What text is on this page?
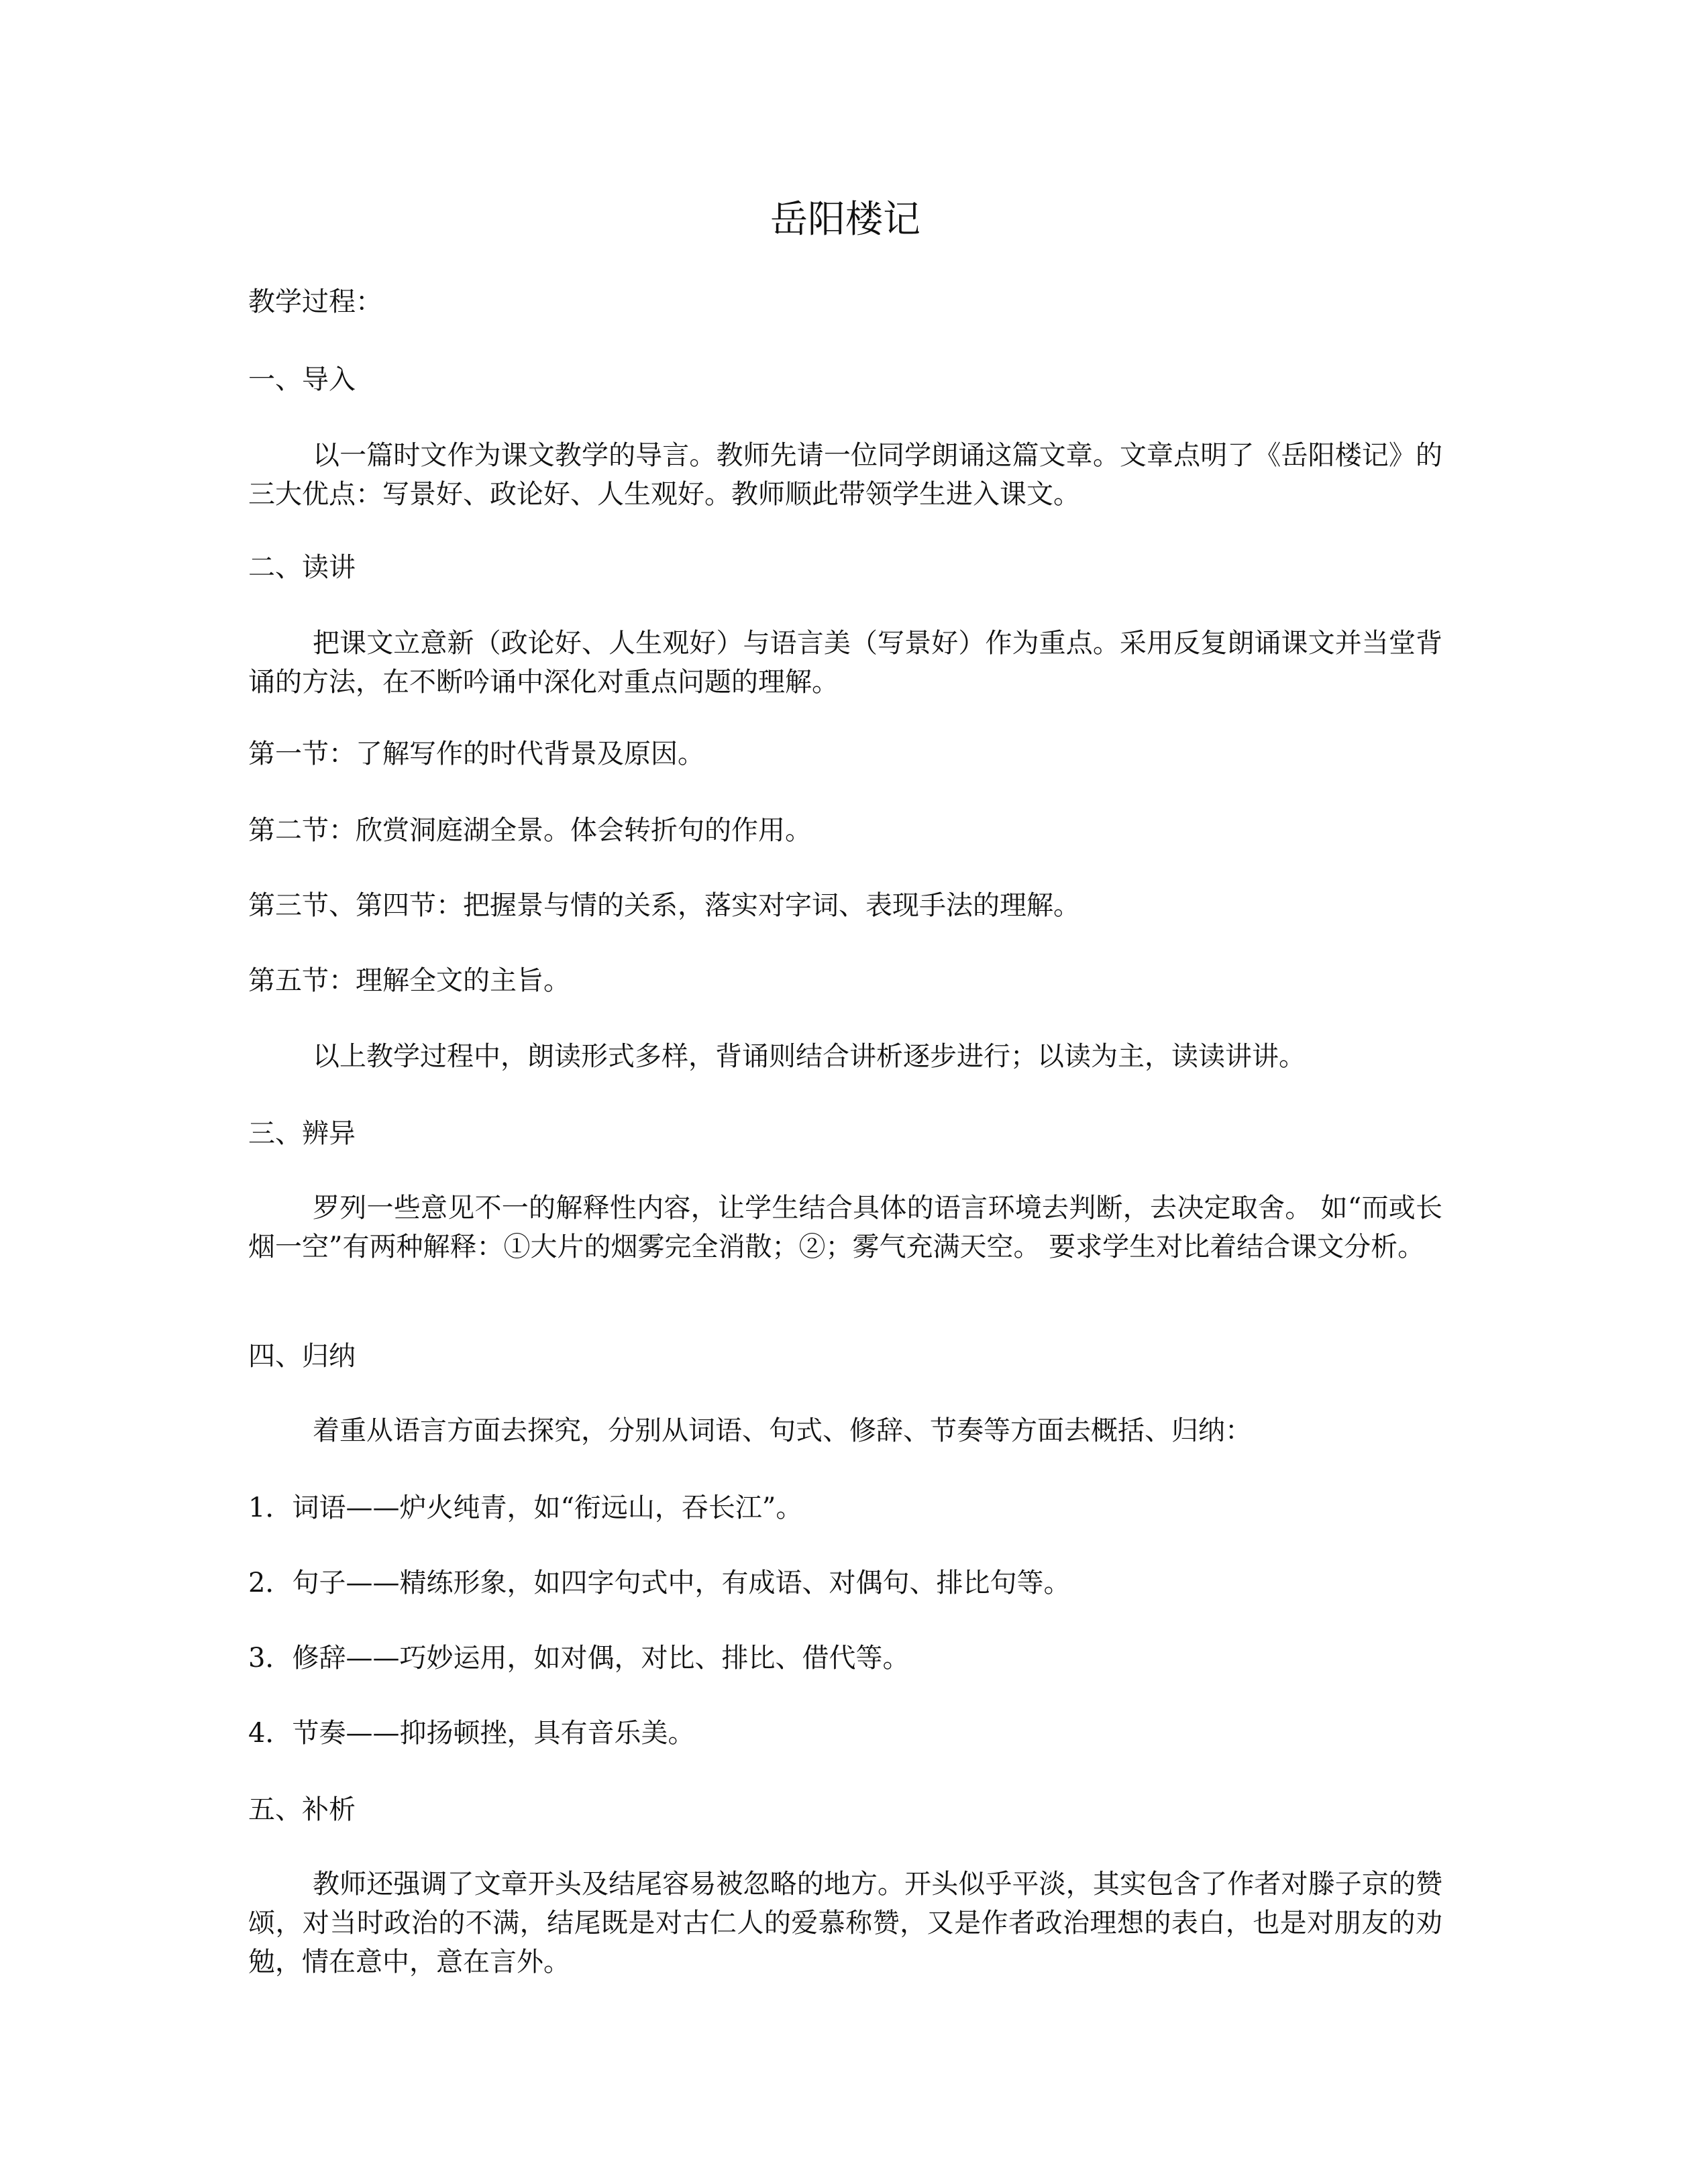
岳阳楼记

教学过程：

一、导入

以一篇时文作为课文教学的导言。教师先请一位同学朗诵这篇文章。文章点明了《岳阳楼记》的三大优点：写景好、政论好、人生观好。教师顺此带领学生进入课文。

二、读讲

把课文立意新（政论好、人生观好）与语言美（写景好）作为重点。采用反复朗诵课文并当堂背诵的方法，在不断吟诵中深化对重点问题的理解。

第一节：了解写作的时代背景及原因。

第二节：欣赏洞庭湖全景。体会转折句的作用。

第三节、第四节：把握景与情的关系，落实对字词、表现手法的理解。

第五节：理解全文的主旨。

以上教学过程中，朗读形式多样，背诵则结合讲析逐步进行；以读为主，读读讲讲。

三、辨异

罗列一些意见不一的解释性内容，让学生结合具体的语言环境去判断，去决定取舍。 如“而或长烟一空”有两种解释：①大片的烟雾完全消散；②；雾气充满天空。 要求学生对比着结合课文分析。

四、归纳

着重从语言方面去探究，分别从词语、句式、修辞、节奏等方面去概括、归纳：

1．词语——炉火纯青，如“衔远山，吞长江”。

2．句子——精练形象，如四字句式中，有成语、对偶句、排比句等。

3．修辞——巧妙运用，如对偶，对比、排比、借代等。

4．节奏——抑扬顿挫，具有音乐美。

五、补析

教师还强调了文章开头及结尾容易被忽略的地方。开头似乎平淡，其实包含了作者对滕子京的赞颂，对当时政治的不满，结尾既是对古仁人的爱慕称赞，又是作者政治理想的表白，也是对朋友的劝勉，情在意中，意在言外。
